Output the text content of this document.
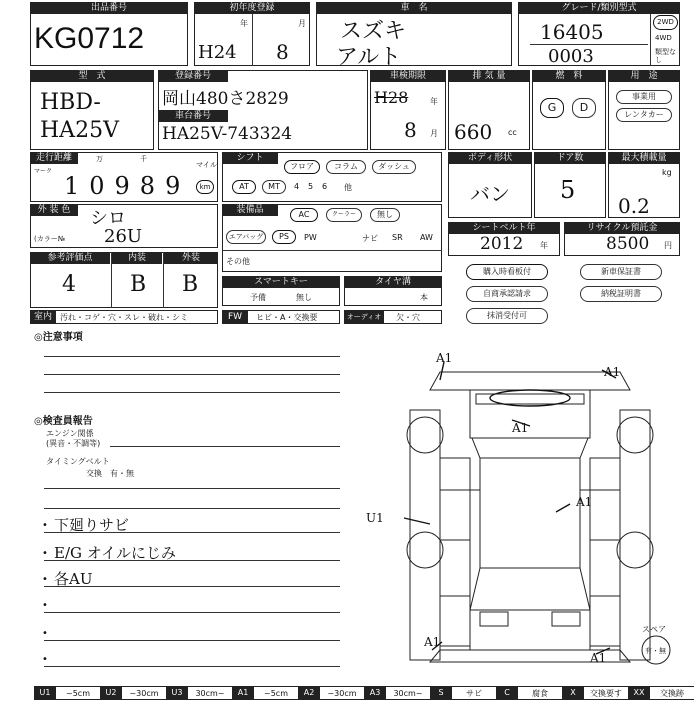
出品番号
KG0712
初年度登録
年	月
H24 8
車　名
スズキ
アルト
グレード/類別型式
16405
0003
2WD
4WD
類型なし
型　式
HBD-
HA25V
登録番号
岡山480さ2829
車台番号
HA25V-743324
車検期限
H28	年
8 月
排 気 量
660 cc
燃　料
G	D
用　途
事業用
レンタカー
走行距離
マーク
万	千
マイル
10989	km
シフト
フロア	コラム	ダッシュ
AT	MT	4 5 6 他
ボディ形状
バン
ドア数
5
最大積載量
kg
0.2
外 装 色	シロ
(カラー№ 26U
装備品	AC	クーラー	無し
エアバッグ	PS	PW	ナビ SR AW
その他
シートベルト年
2012 年
リサイクル預託金
8500 円
参考評価点	内装	外装
4 B B	スマートキー
予備	無し
タイヤ溝
本
購入時看板付	新車保証書
自商承認請求	納税証明書
抹消受付可
室内	汚れ・コゲ・穴・スレ・破れ・シミ	FW	ヒビ・A・交換要	オーディオ	欠・穴
◎注意事項
◎検査員報告
エンジン関係
(異音・不調等)
タイミングベルト
交換　有・無
下廻りサビ
•
E/G オイルにじみ
•
各AU
•
•
•
•
A1
A1
A1
A1
U1
A1
A1
スペア
有・無
U1	~5cm	U2	~30cm	U3	30cm~	A1	~5cm	A2	~30cm	A3	30cm~	S	サビ	C	腐食	X	交換要す	XX	交換跡
